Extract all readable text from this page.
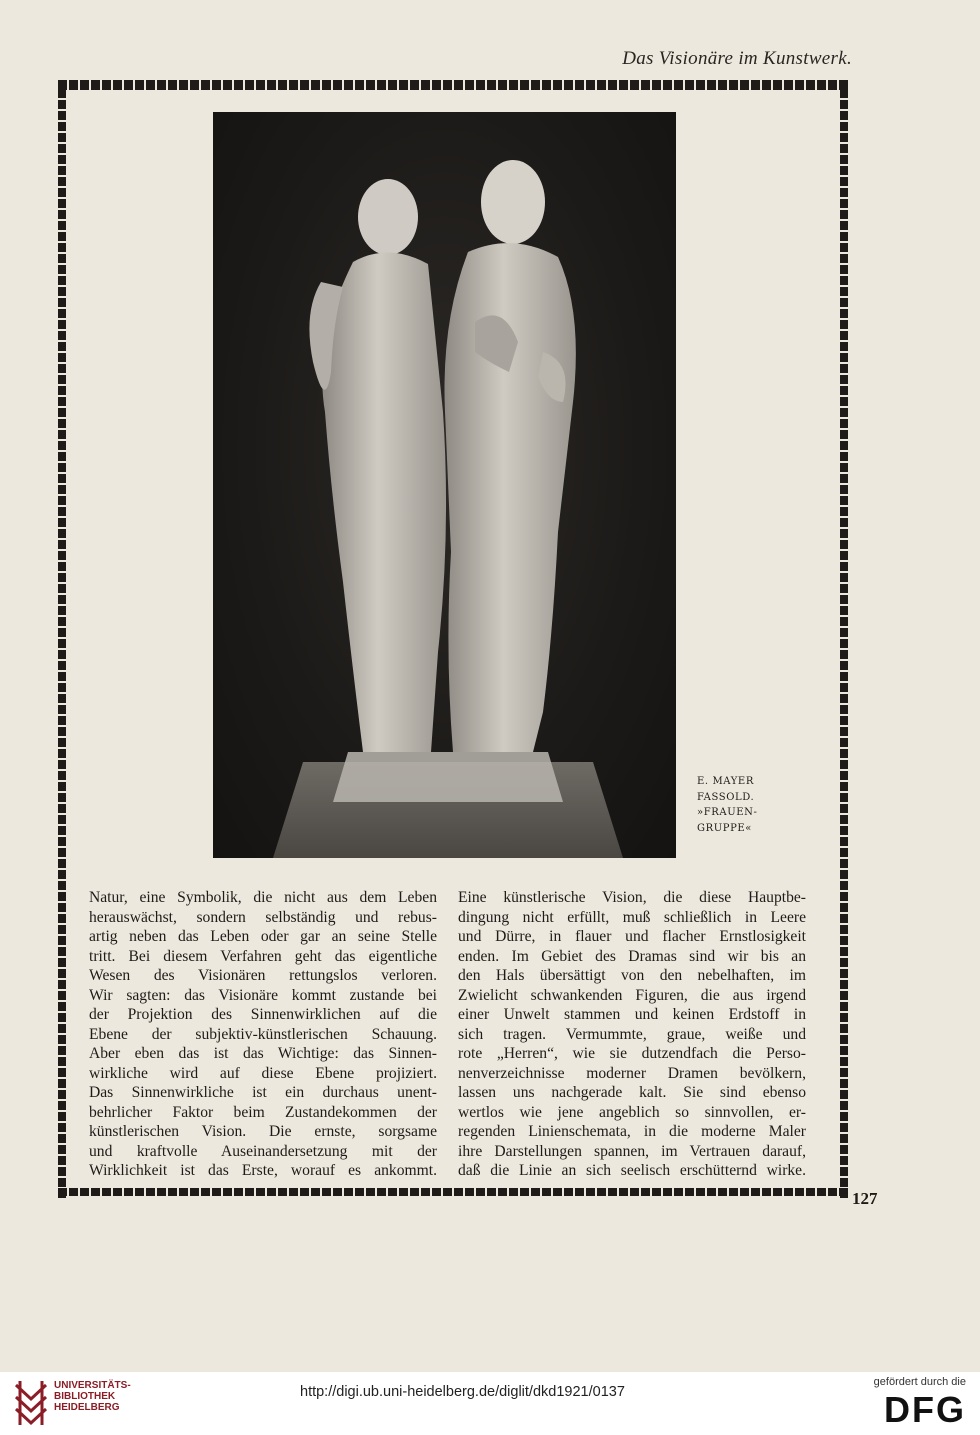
Das Visionäre im Kunstwerk.
E. MAYER
FASSOLD.
»FRAUEN-
GRUPPE«
Natur, eine Symbolik, die nicht aus dem Leben
herauswächst, sondern selbständig und rebus-
artig neben das Leben oder gar an seine Stelle
tritt. Bei diesem Verfahren geht das eigentliche
Wesen des Visionären rettungslos verloren.
Wir sagten: das Visionäre kommt zustande bei
der Projektion des Sinnenwirklichen auf die
Ebene der subjektiv-künstlerischen Schauung.
Aber eben das ist das Wichtige: das Sinnen-
wirkliche wird auf diese Ebene projiziert.
Das Sinnenwirkliche ist ein durchaus unent-
behrlicher Faktor beim Zustandekommen der
künstlerischen Vision. Die ernste, sorgsame
und kraftvolle Auseinandersetzung mit der
Wirklichkeit ist das Erste, worauf es ankommt.
Eine künstlerische Vision, die diese Hauptbe-
dingung nicht erfüllt, muß schließlich in Leere
und Dürre, in flauer und flacher Ernstlosigkeit
enden. Im Gebiet des Dramas sind wir bis an
den Hals übersättigt von den nebelhaften, im
Zwielicht schwankenden Figuren, die aus irgend
einer Unwelt stammen und keinen Erdstoff in
sich tragen. Vermummte, graue, weiße und
rote „Herren“, wie sie dutzendfach die Perso-
nenverzeichnisse moderner Dramen bevölkern,
lassen uns nachgerade kalt. Sie sind ebenso
wertlos wie jene angeblich so sinnvollen, er-
regenden Linienschemata, in die moderne Maler
ihre Darstellungen spannen, im Vertrauen darauf,
daß die Linie an sich seelisch erschütternd wirke.
127
UNIVERSITÄTS-
BIBLIOTHEK
HEIDELBERG
http://digi.ub.uni-heidelberg.de/diglit/dkd1921/0137
gefördert durch die
DFG
